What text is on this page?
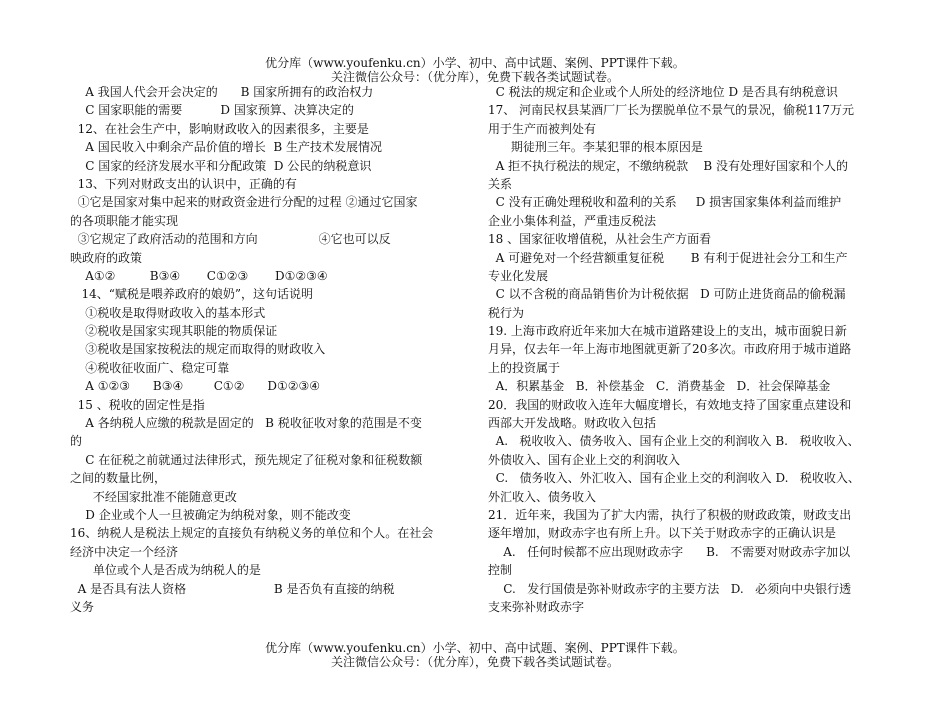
优分库（www.youfenku.cn）小学、初中、高中试题、案例、PPT课件下载。
关注微信公众号：（优分库），免费下载各类试题试卷。
A 我国人代会开会决定的      B 国家所拥有的政治权力
C 国家职能的需要          D 国家预算、决算决定的
12、在社会生产中，影响财政收入的因素很多，主要是
A 国民收入中剩余产品价值的增长  B 生产技术发展情况
C 国家的经济发展水平和分配政策  D 公民的纳税意识
13、下列对财政支出的认识中，正确的有
①它是国家对集中起来的财政资金进行分配的过程 ②通过它国家
的各项职能才能实现
③它规定了政府活动的范围和方向                ④它也可以反
映政府的政策
A①②         B③④       C①②③       D①②③④
14、“赋税是喂养政府的娘奶”，这句话说明
①税收是取得财政收入的基本形式
②税收是国家实现其职能的物质保证
③税收是国家按税法的规定而取得的财政收入
④税收征收面广、稳定可靠
A ①②③      B③④        C①②      D①②③④
15 、税收的固定性是指
A 各纳税人应缴的税款是固定的   B 税收征收对象的范围是不变
的
C 在征税之前就通过法律形式，预先规定了征税对象和征税数额
之间的数量比例，
不经国家批准不能随意更改
D 企业或个人一旦被确定为纳税对象，则不能改变
16、纳税人是税法上规定的直接负有纳税义务的单位和个人。在社会
经济中决定一个经济
单位或个人是否成为纳税人的是
A 是否具有法人资格                       B 是否负有直接的纳税
义务
C 税法的规定和企业或个人所处的经济地位 D 是否具有纳税意识
17、 河南民权县某酒厂厂长为摆脱单位不景气的景况，偷税117万元
用于生产而被判处有
期徒刑三年。李某犯罪的根本原因是
A 拒不执行税法的规定，不缴纳税款    B 没有处理好国家和个人的
关系
C 没有正确处理税收和盈利的关系     D 损害国家集体利益而维护
企业小集体利益，严重违反税法
18 、国家征收增值税，从社会生产方面看
A 可避免对一个经营额重复征税       B 有利于促进社会分工和生产
专业化发展
C 以不含税的商品销售价为计税依据   D 可防止进货商品的偷税漏
税行为
19. 上海市政府近年来加大在城市道路建设上的支出，城市面貌日新
月异，仅去年一年上海市地图就更新了20多次。市政府用于城市道路
上的投资属于
A．积累基金   B．补偿基金   C．消费基金   D．社会保障基金
20．我国的财政收入连年大幅度增长，有效地支持了国家重点建设和
西部大开发战略。财政收入包括
A.   税收收入、债务收入、国有企业上交的利润收入 B.   税收收入、
外债收入、国有企业上交的利润收入
C.   债务收入、外汇收入、国有企业上交的利润收入 D.   税收收入、
外汇收入、债务收入
21．近年来，我国为了扩大内需，执行了积极的财政政策，财政支出
逐年增加，财政赤字也有所上升。以下关于财政赤字的正确认识是
A.   任何时候都不应出现财政赤字      B.   不需要对财政赤字加以
控制
C.   发行国债是弥补财政赤字的主要方法   D.   必须向中央银行透
支来弥补财政赤字
优分库（www.youfenku.cn）小学、初中、高中试题、案例、PPT课件下载。
关注微信公众号：（优分库），免费下载各类试题试卷。
